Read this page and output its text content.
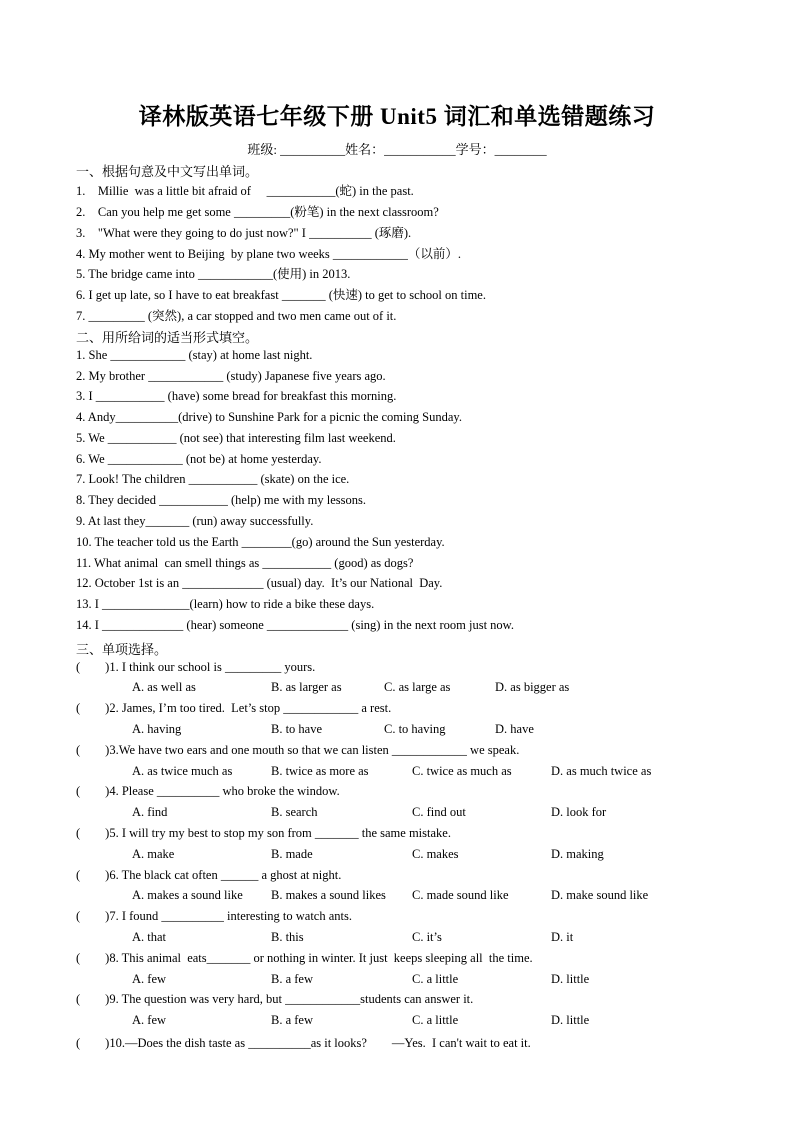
译林版英语七年级下册 Unit5 词汇和单选错题练习
班级: __________姓名：___________学号：________
一、根据句意及中文写出单词。
1.    Millie  was a little bit afraid of     ___________(蛇) in the past.
2.    Can you help me get some _________(粉笔) in the next classroom?
3.    "What were they going to do just now?" I __________ (琢磨).
4. My mother went to Beijing  by plane two weeks ____________（以前）.
5. The bridge came into ____________(使用) in 2013.
6. I get up late, so I have to eat breakfast _______ (快速) to get to school on time.
7. _________ (突然), a car stopped and two men came out of it.
二、用所给词的适当形式填空。
1. She ____________ (stay) at home last night.
2. My brother ____________ (study) Japanese five years ago.
3. I ___________ (have) some bread for breakfast this morning.
4. Andy__________(drive) to Sunshine Park for a picnic the coming Sunday.
5. We ___________ (not see) that interesting film last weekend.
6. We ____________ (not be) at home yesterday.
7. Look! The children ___________ (skate) on the ice.
8. They decided ___________ (help) me with my lessons.
9. At last they_______ (run) away successfully.
10. The teacher told us the Earth ________(go) around the Sun yesterday.
11. What animal  can smell things as ___________ (good) as dogs?
12. October 1st is an _____________ (usual) day.  It’s our National  Day.
13. I ______________(learn) how to ride a bike these days.
14. I _____________ (hear) someone _____________ (sing) in the next room just now.
三、单项选择。
(        )1. I think our school is _________ yours.
A. as well as	B. as larger as	C. as large as	D. as bigger as
(        )2. James, I’m too tired.  Let’s stop ____________ a rest.
A. having	B. to have	C. to having	D. have
(        )3.We have two ears and one mouth so that we can listen ____________ we speak.
A. as twice much as	B. twice as more as	C. twice as much as	D. as much twice as
(        )4. Please __________ who broke the window.
A. find	B. search	C. find out	D. look for
(        )5. I will try my best to stop my son from _______ the same mistake.
A. make	B. made	C. makes	D. making
(        )6. The black cat often ______ a ghost at night.
A. makes a sound like B. makes a sound likes C. made sound like	D. make sound like
(        )7. I found __________ interesting to watch ants.
A. that	B. this	C. it’s	D. it
(        )8. This animal  eats_______ or nothing in winter. It just  keeps sleeping all  the time.
A. few	B. a few	C. a little	D. little
(        )9. The question was very hard, but ____________students can answer it.
A. few	B. a few	C. a little	D. little
(        )10.—Does the dish taste as __________as it looks?        —Yes.  I can't wait to eat it.
